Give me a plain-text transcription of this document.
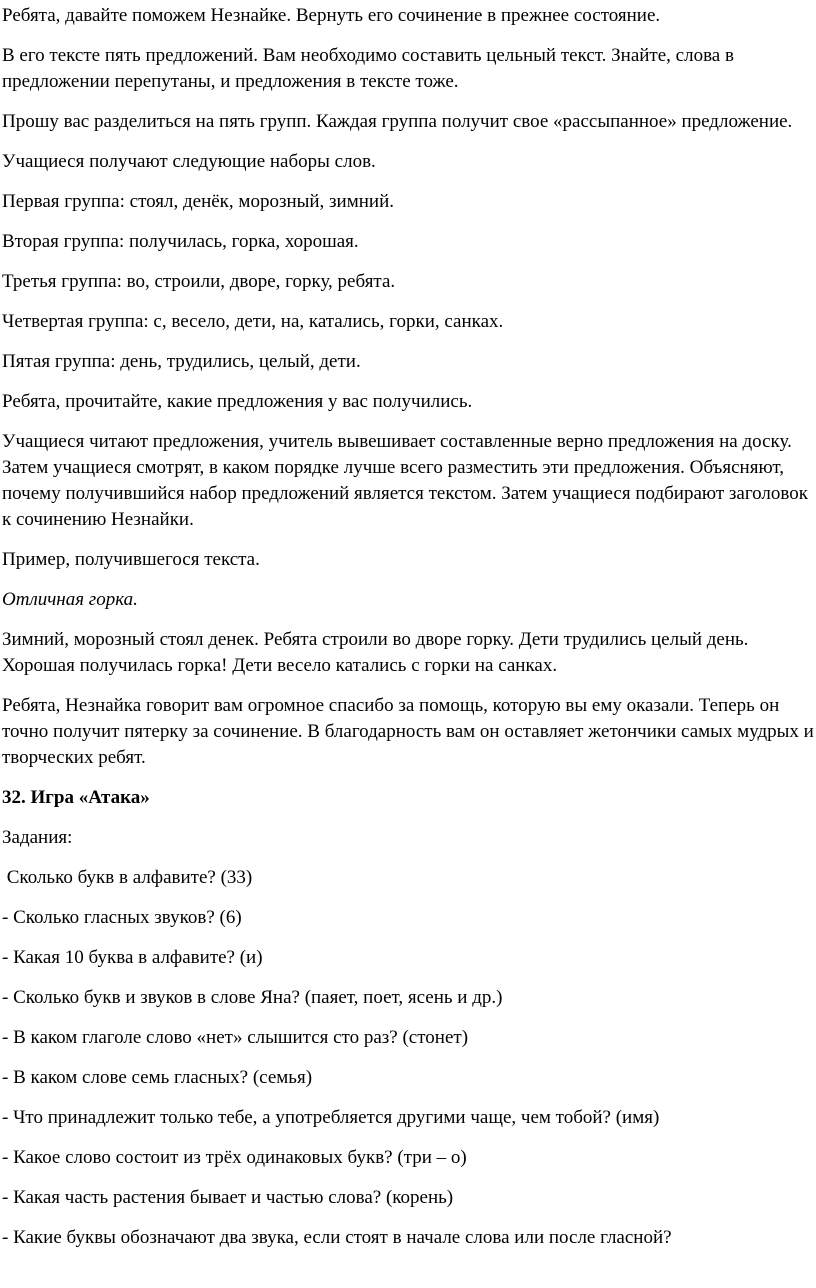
Ребята, давайте поможем Незнайке. Вернуть его сочинение в прежнее состояние.

В его тексте пять предложений. Вам необходимо составить цельный текст. Знайте, слова в предложении перепутаны, и предложения в тексте тоже.

Прошу вас разделиться на пять групп. Каждая группа получит свое «рассыпанное» предложение.

Учащиеся получают следующие наборы слов.

Первая группа: стоял, денёк, морозный, зимний.

Вторая группа: получилась, горка, хорошая.

Третья группа: во, строили, дворе, горку, ребята.

Четвертая группа: с, весело, дети, на, катались, горки, санках.

Пятая группа: день, трудились, целый, дети.

Ребята, прочитайте, какие предложения у вас получились.

Учащиеся читают предложения, учитель вывешивает составленные верно предложения на доску. Затем учащиеся смотрят, в каком порядке лучше всего разместить эти предложения. Объясняют, почему получившийся набор предложений является текстом. Затем учащиеся подбирают заголовок к сочинению Незнайки.

Пример, получившегося текста.

Отличная горка.

Зимний, морозный стоял денек. Ребята строили во дворе горку. Дети трудились целый день. Хорошая получилась горка! Дети весело катались с горки на санках.

Ребята, Незнайка говорит вам огромное спасибо за помощь, которую вы ему оказали. Теперь он точно получит пятерку за сочинение. В благодарность вам он оставляет жетончики самых мудрых и творческих ребят.

32. Игра «Атака»

Задания:

Сколько букв в алфавите? (33)

- Сколько гласных звуков? (6)

- Какая 10 буква в алфавите? (и)

- Сколько букв и звуков в слове Яна? (паяет, поет, ясень и др.)

- В каком глаголе слово «нет» слышится сто раз? (стонет)

- В каком слове семь гласных? (семья)

- Что принадлежит только тебе, а употребляется другими чаще, чем тобой? (имя)

- Какое слово состоит из трёх одинаковых букв? (три – о)

- Какая часть растения бывает и частью слова? (корень)

- Какие буквы обозначают два звука, если стоят в начале слова или после гласной?
